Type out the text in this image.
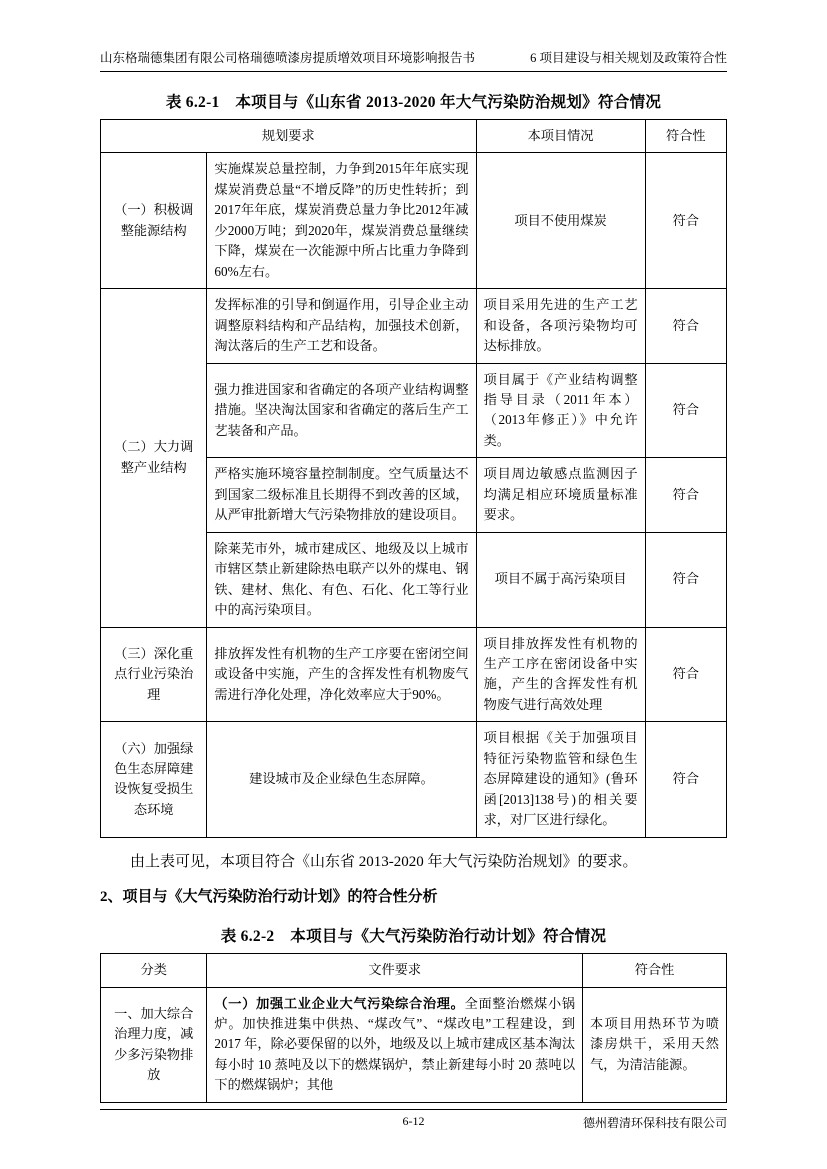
山东格瑞德集团有限公司格瑞德喷漆房提质增效项目环境影响报告书	6 项目建设与相关规划及政策符合性
表 6.2-1　本项目与《山东省 2013-2020 年大气污染防治规划》符合情况
规划要求		本项目情况	符合性
（一）积极调整能源结构	实施煤炭总量控制，力争到2015年年底实现煤炭消费总量“不增反降”的历史性转折；到2017年年底，煤炭消费总量力争比2012年减少2000万吨；到2020年，煤炭消费总量继续下降，煤炭在一次能源中所占比重力争降到60%左右。	项目不使用煤炭	符合
（二）大力调整产业结构	发挥标准的引导和倒逼作用，引导企业主动调整原料结构和产品结构，加强技术创新，淘汰落后的生产工艺和设备。	项目采用先进的生产工艺和设备，各项污染物均可达标排放。	符合
	强力推进国家和省确定的各项产业结构调整措施。坚决淘汰国家和省确定的落后生产工艺装备和产品。	项目属于《产业结构调整指导目录（2011年本）（2013年修正）》中允许类。	符合
	严格实施环境容量控制制度。空气质量达不到国家二级标准且长期得不到改善的区域，从严审批新增大气污染物排放的建设项目。	项目周边敏感点监测因子均满足相应环境质量标准要求。	符合
	除莱芜市外，城市建成区、地级及以上城市市辖区禁止新建除热电联产以外的煤电、钢铁、建材、焦化、有色、石化、化工等行业中的高污染项目。	项目不属于高污染项目	符合
（三）深化重点行业污染治理	排放挥发性有机物的生产工序要在密闭空间或设备中实施，产生的含挥发性有机物废气需进行净化处理，净化效率应大于90%。	项目排放挥发性有机物的生产工序在密闭设备中实施，产生的含挥发性有机物废气进行高效处理	符合
（六）加强绿色生态屏障建设恢复受损生态环境	建设城市及企业绿色生态屏障。	项目根据《关于加强项目特征污染物监管和绿色生态屏障建设的通知》(鲁环函[2013]138号)的相关要求，对厂区进行绿化。	符合

由上表可见，本项目符合《山东省 2013-2020 年大气污染防治规划》的要求。

2、项目与《大气污染防治行动计划》的符合性分析
表 6.2-2　本项目与《大气污染防治行动计划》符合情况
分类	文件要求	符合性
一、加大综合治理力度，减少多污染物排放	（一）加强工业企业大气污染综合治理。全面整治燃煤小锅炉。加快推进集中供热、“煤改气”、“煤改电”工程建设，到 2017 年，除必要保留的以外，地级及以上城市建成区基本淘汰每小时 10 蒸吨及以下的燃煤锅炉，禁止新建每小时 20 蒸吨以下的燃煤锅炉；其他	本项目用热环节为喷漆房烘干，采用天然气，为清洁能源。
6-12	德州碧清环保科技有限公司
